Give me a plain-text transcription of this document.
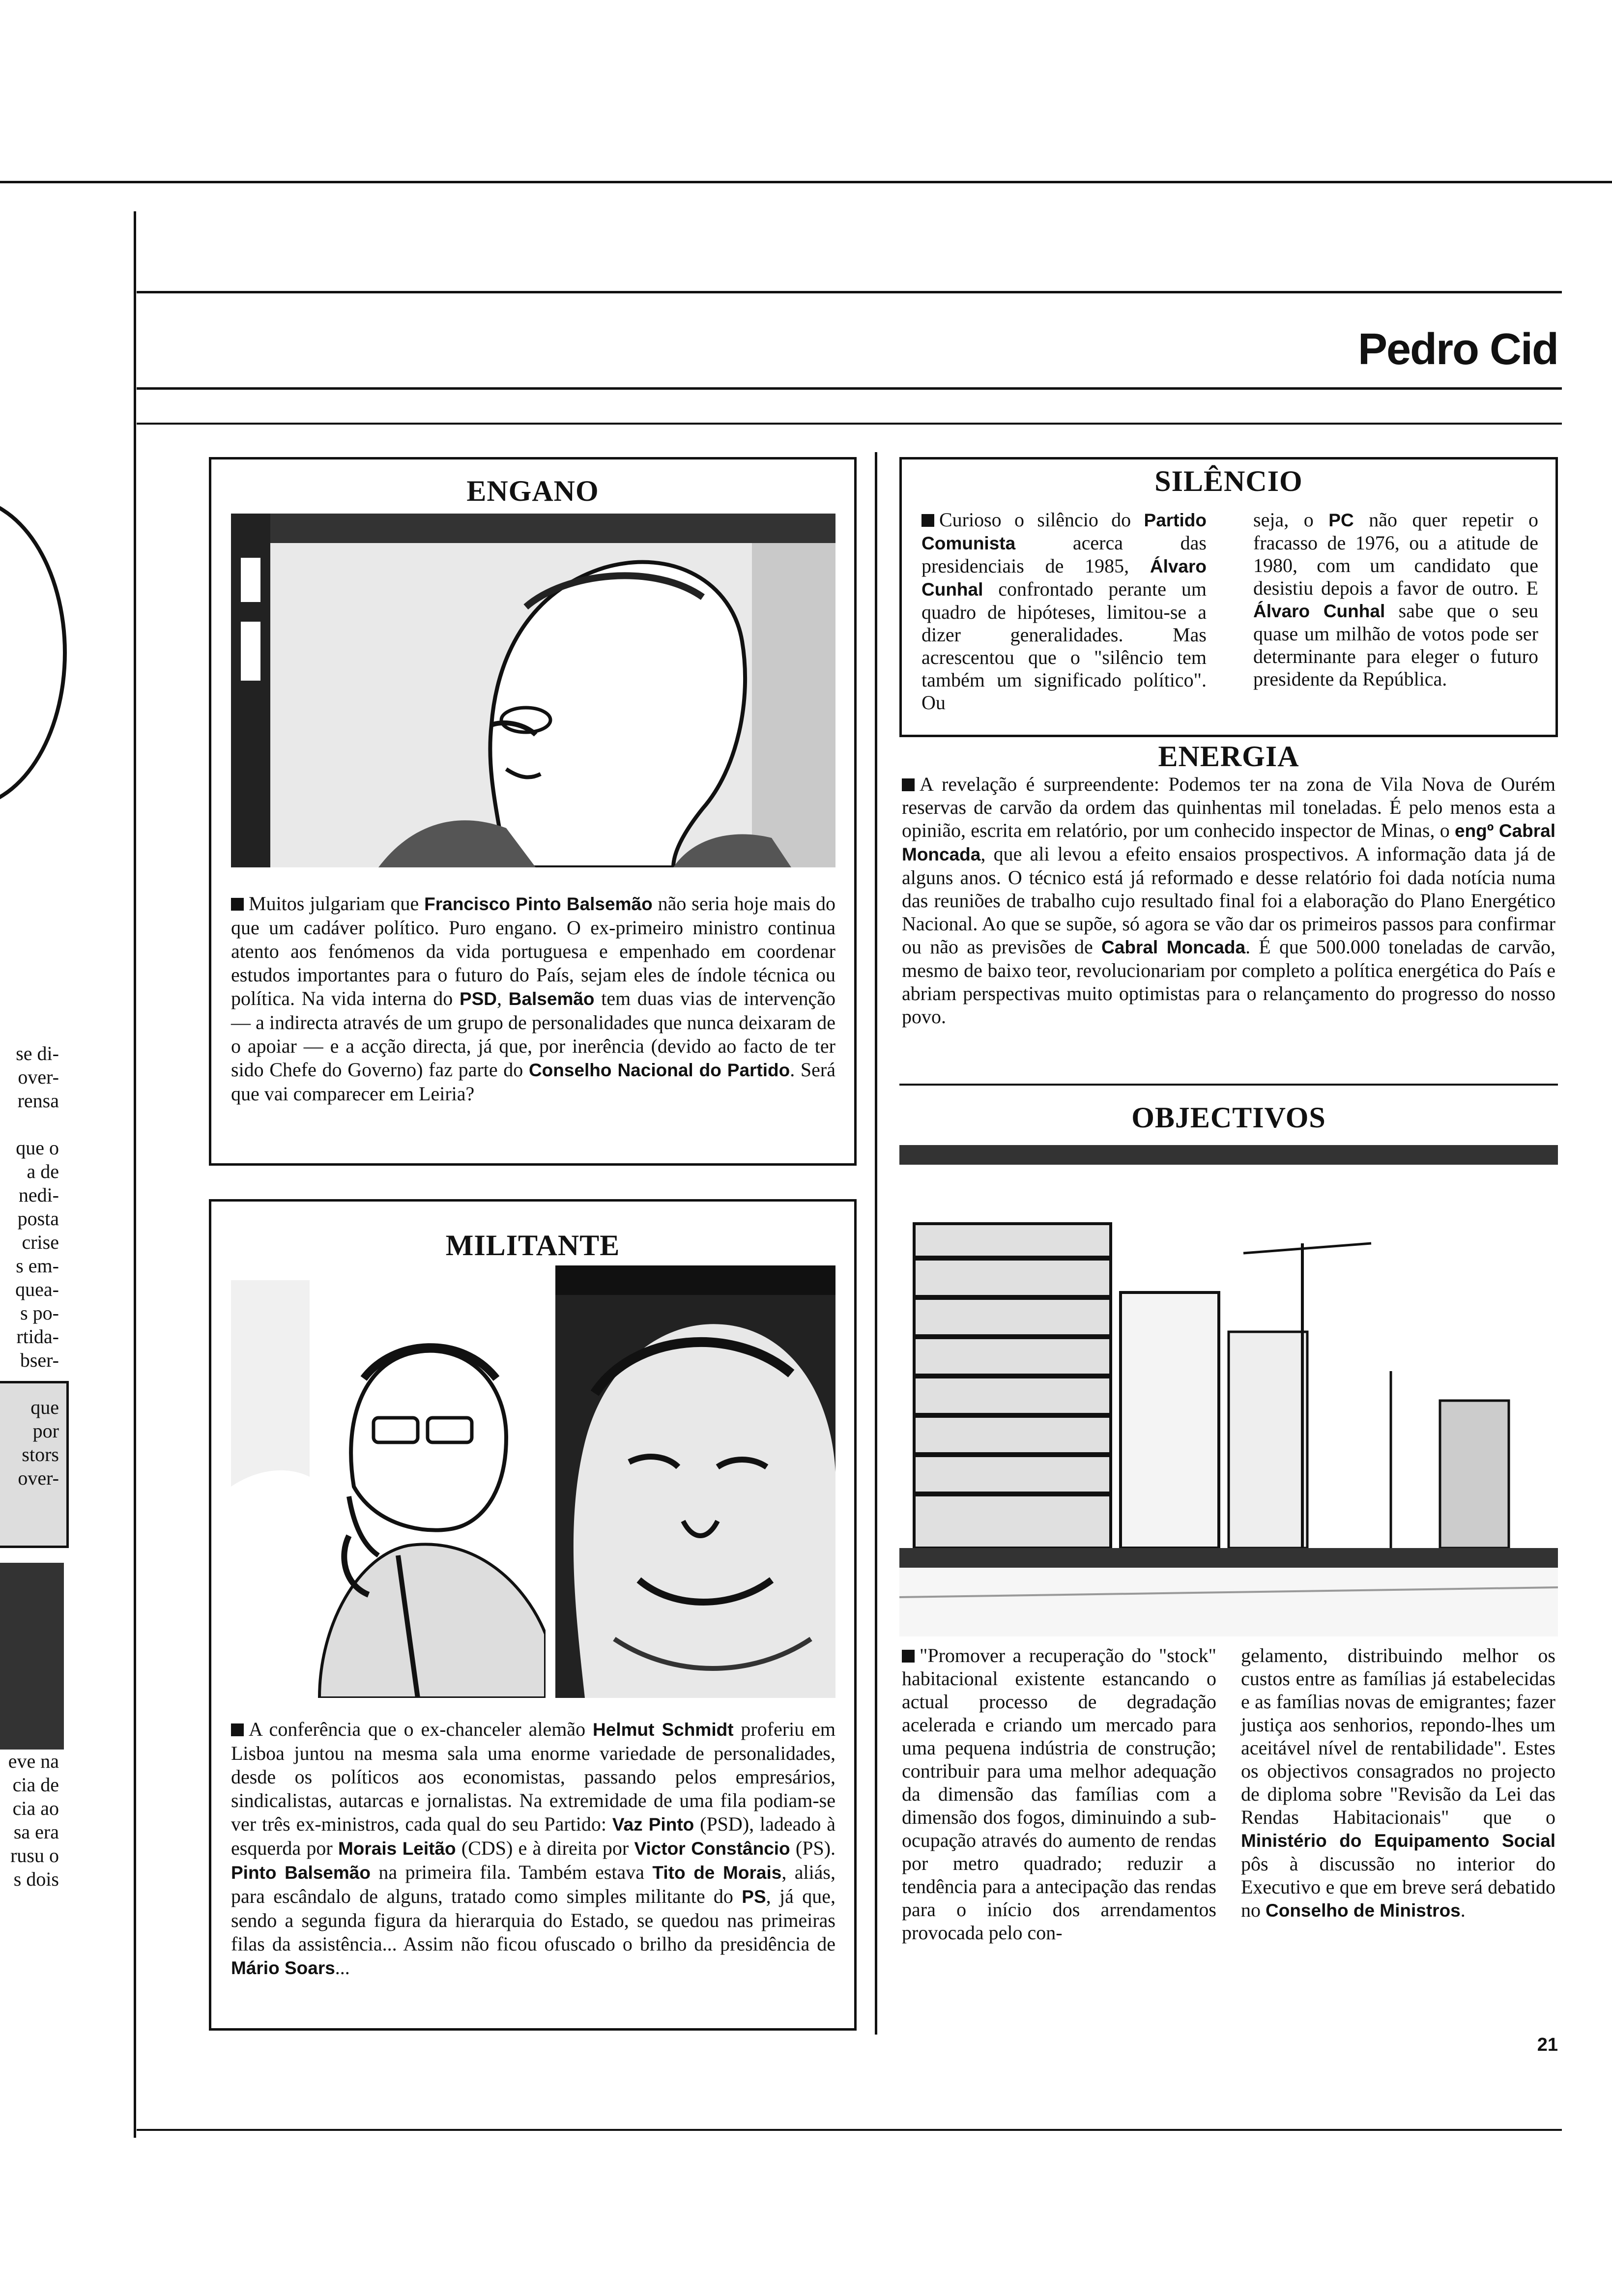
Pedro Cid
se di-
over-
rensa
que o
a de
nedi-
posta
crise
s em-
quea-
s po-
rtida-
bser-
que
por
stors
over-
eve na
cia de
cia ao
sa era
rusu o
s dois
ENGANO
Muitos julgariam que Francisco Pinto Balsemão não seria hoje mais do que um cadáver político. Puro engano. O ex-primeiro ministro continua atento aos fenómenos da vida portuguesa e empenhado em coordenar estudos importantes para o futuro do País, sejam eles de índole técnica ou política. Na vida interna do PSD, Balsemão tem duas vias de intervenção — a indirecta através de um grupo de personalidades que nunca deixaram de o apoiar — e a acção directa, já que, por inerência (devido ao facto de ter sido Chefe do Governo) faz parte do Conselho Nacional do Partido. Será que vai comparecer em Leiria?
MILITANTE
A conferência que o ex-chanceler alemão Helmut Schmidt proferiu em Lisboa juntou na mesma sala uma enorme variedade de personalidades, desde os políticos aos economistas, passando pelos empresários, sindicalistas, autarcas e jornalistas. Na extremidade de uma fila podiam-se ver três ex-ministros, cada qual do seu Partido: Vaz Pinto (PSD), ladeado à esquerda por Morais Leitão (CDS) e à direita por Victor Constâncio (PS). Pinto Balsemão na primeira fila. Também estava Tito de Morais, aliás, para escândalo de alguns, tratado como simples militante do PS, já que, sendo a segunda figura da hierarquia do Estado, se quedou nas primeiras filas da assistência... Assim não ficou ofuscado o brilho da presidência de Mário Soars...
SILÊNCIO
Curioso o silêncio do Partido Comunista acerca das presidenciais de 1985, Álvaro Cunhal confrontado perante um quadro de hipóteses, limitou-se a dizer generalidades. Mas acrescentou que o "silêncio tem também um significado político". Ou
seja, o PC não quer repetir o fracasso de 1976, ou a atitude de 1980, com um candidato que desistiu depois a favor de outro. E Álvaro Cunhal sabe que o seu quase um milhão de votos pode ser determinante para eleger o futuro presidente da República.
ENERGIA
A revelação é surpreendente: Podemos ter na zona de Vila Nova de Ourém reservas de carvão da ordem das quinhentas mil toneladas. É pelo menos esta a opinião, escrita em relatório, por um conhecido inspector de Minas, o engº Cabral Moncada, que ali levou a efeito ensaios prospectivos. A informação data já de alguns anos. O técnico está já reformado e desse relatório foi dada notícia numa das reuniões de trabalho cujo resultado final foi a elaboração do Plano Energético Nacional. Ao que se supõe, só agora se vão dar os primeiros passos para confirmar ou não as previsões de Cabral Moncada. É que 500.000 toneladas de carvão, mesmo de baixo teor, revolucionariam por completo a política energética do País e abriam perspectivas muito optimistas para o relançamento do progresso do nosso povo.
OBJECTIVOS
"Promover a recuperação do "stock" habitacional existente estancando o actual processo de degradação acelerada e criando um mercado para uma pequena indústria de construção; contribuir para uma melhor adequação da dimensão das famílias com a dimensão dos fogos, diminuindo a sub-ocupação através do aumento de rendas por metro quadrado; reduzir a tendência para a antecipação das rendas para o início dos arrendamentos provocada pelo con-
gelamento, distribuindo melhor os custos entre as famílias já estabelecidas e as famílias novas de emigrantes; fazer justiça aos senhorios, repondo-lhes um aceitável nível de rentabilidade". Estes os objectivos consagrados no projecto de diploma sobre "Revisão da Lei das Rendas Habitacionais" que o Ministério do Equipamento Social pôs à discussão no interior do Executivo e que em breve será debatido no Conselho de Ministros.
21
